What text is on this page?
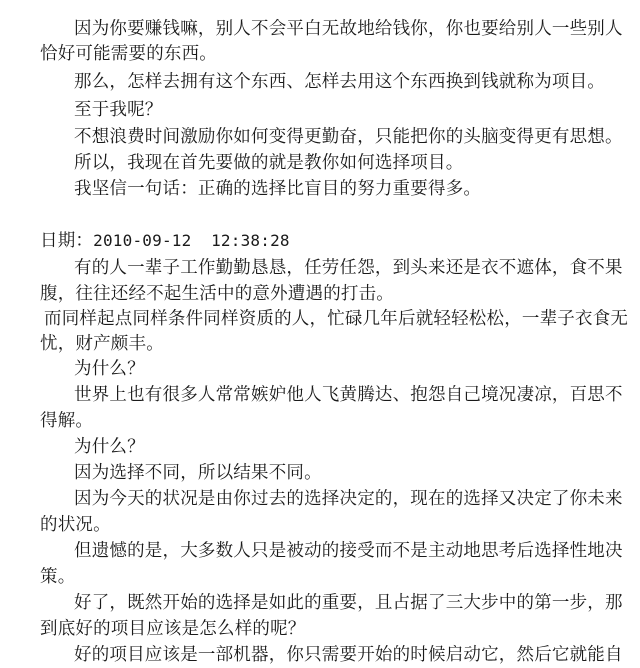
因为你要赚钱嘛，别人不会平白无故地给钱你，你也要给别人一些别人
恰好可能需要的东西。
那么，怎样去拥有这个东西、怎样去用这个东西换到钱就称为项目。
至于我呢？
不想浪费时间激励你如何变得更勤奋，只能把你的头脑变得更有思想。
所以，我现在首先要做的就是教你如何选择项目。
我坚信一句话：正确的选择比盲目的努力重要得多。
日期：2010-09-12  12:38:28
有的人一辈子工作勤勤恳恳，任劳任怨，到头来还是衣不遮体，食不果
腹，往往还经不起生活中的意外遭遇的打击。
而同样起点同样条件同样资质的人，忙碌几年后就轻轻松松，一辈子衣食无
忧，财产颇丰。
为什么？
世界上也有很多人常常嫉妒他人飞黄腾达、抱怨自己境况凄凉，百思不
得解。
为什么？
因为选择不同，所以结果不同。
因为今天的状况是由你过去的选择决定的，现在的选择又决定了你未来
的状况。
但遗憾的是，大多数人只是被动的接受而不是主动地思考后选择性地决
策。
好了，既然开始的选择是如此的重要，且占据了三大步中的第一步，那
到底好的项目应该是怎么样的呢？
好的项目应该是一部机器，你只需要开始的时候启动它，然后它就能自
